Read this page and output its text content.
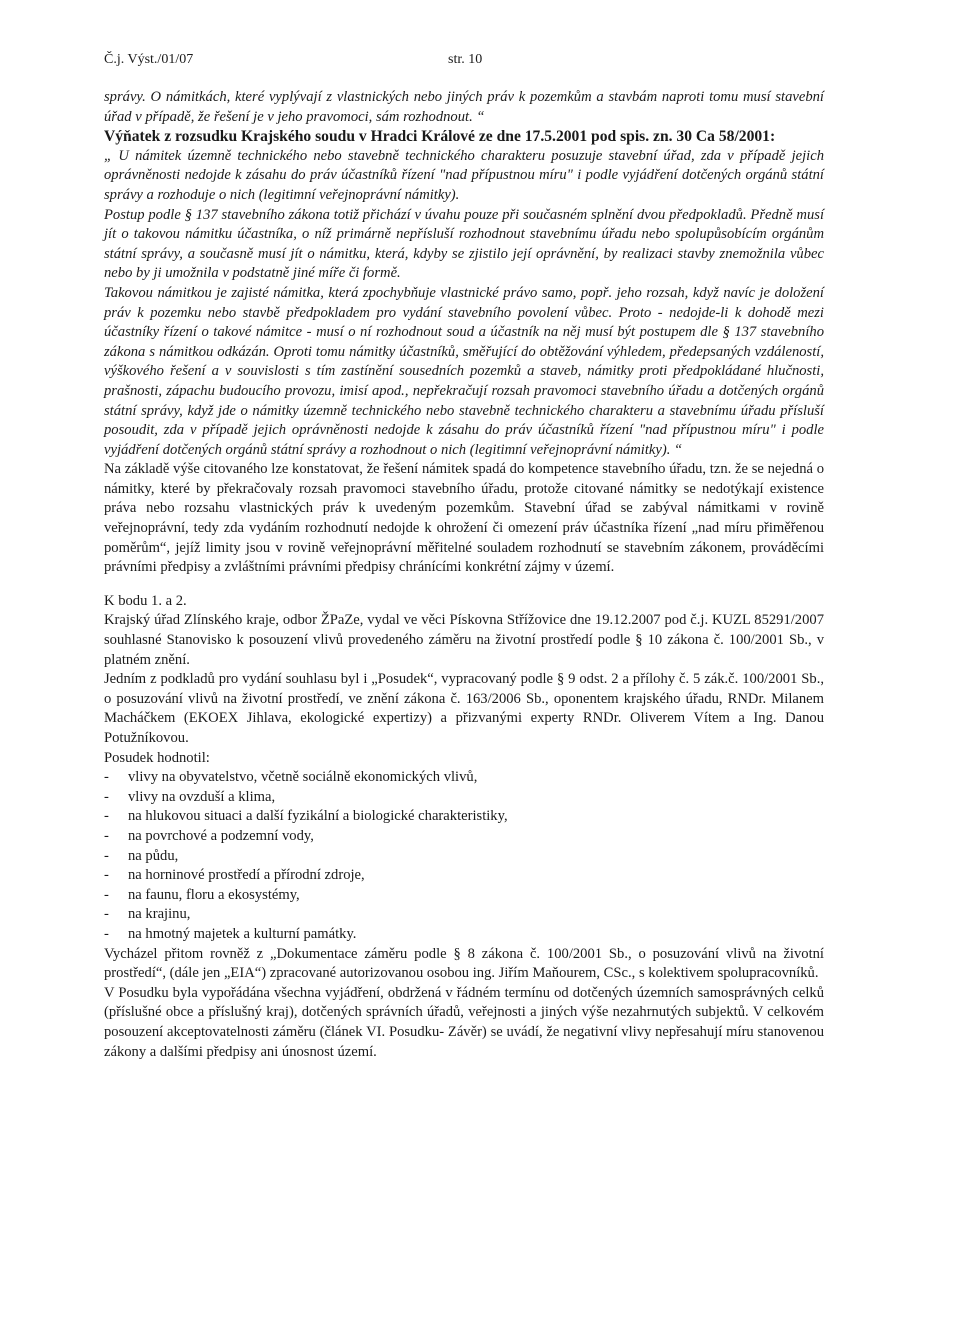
Č.j. Výst./01/07	str. 10

správy. O námitkách, které vyplývají z vlastnických nebo jiných práv k pozemkům a stavbám naproti tomu musí stavební úřad v případě, že řešení je v jeho pravomoci, sám rozhodnout. “

Výňatek z rozsudku Krajského soudu v Hradci Králové ze dne 17.5.2001 pod spis. zn. 30 Ca 58/2001:

„ U námitek územně technického nebo stavebně technického charakteru posuzuje stavební úřad, zda v případě jejich oprávněnosti nedojde k zásahu do práv účastníků řízení "nad přípustnou míru" i podle vyjádření dotčených orgánů státní správy a rozhoduje o nich (legitimní veřejnoprávní námitky).

Postup podle § 137 stavebního zákona totiž přichází v úvahu pouze při současném splnění dvou předpokladů. Předně musí jít o takovou námitku účastníka, o níž primárně nepřísluší rozhodnout stavebnímu úřadu nebo spolupůsobícím orgánům státní správy, a současně musí jít o námitku, která, kdyby se zjistilo její oprávnění, by realizaci stavby znemožnila vůbec nebo by ji umožnila v podstatně jiné míře či formě.

Takovou námitkou je zajisté námitka, která zpochybňuje vlastnické právo samo, popř. jeho rozsah, když navíc je doložení práv k pozemku nebo stavbě předpokladem pro vydání stavebního povolení vůbec. Proto - nedojde-li k dohodě mezi účastníky řízení o takové námitce - musí o ní rozhodnout soud a účastník na něj musí být postupem dle § 137 stavebního zákona s námitkou odkázán. Oproti tomu námitky účastníků, směřující do obtěžování výhledem, předepsaných vzdáleností, výškového řešení a v souvislosti s tím zastínění sousedních pozemků a staveb, námitky proti předpokládané hlučnosti, prašnosti, zápachu budoucího provozu, imisí apod., nepřekračují rozsah pravomoci stavebního úřadu a dotčených orgánů státní správy, když jde o námitky územně technického nebo stavebně technického charakteru a stavebnímu úřadu přísluší posoudit, zda v případě jejich oprávněnosti nedojde k zásahu do práv účastníků řízení "nad přípustnou míru" i podle vyjádření dotčených orgánů státní správy a rozhodnout o nich (legitimní veřejnoprávní námitky). “

Na základě výše citovaného lze konstatovat, že řešení námitek spadá do kompetence stavebního úřadu, tzn. že se nejedná o námitky, které by překračovaly rozsah pravomoci stavebního úřadu, protože citované námitky se nedotýkají existence práva nebo rozsahu vlastnických práv k uvedeným pozemkům. Stavební úřad se zabýval námitkami v rovině veřejnoprávní, tedy zda vydáním rozhodnutí nedojde k ohrožení či omezení práv účastníka řízení „nad míru přiměřenou poměrům“, jejíž limity jsou v rovině veřejnoprávní měřitelné souladem rozhodnutí se stavebním zákonem, prováděcími právními předpisy a zvláštními právními předpisy chránícími konkrétní zájmy v území.

K bodu 1. a 2.

Krajský úřad Zlínského kraje, odbor ŽPaZe, vydal ve věci Pískovna Střížovice dne 19.12.2007 pod č.j. KUZL 85291/2007 souhlasné Stanovisko k posouzení vlivů provedeného záměru na životní prostředí podle § 10 zákona č. 100/2001 Sb., v platném znění.

Jedním z podkladů pro vydání souhlasu byl i „Posudek“, vypracovaný podle § 9 odst. 2 a přílohy č. 5 zák.č. 100/2001 Sb., o posuzování vlivů na životní prostředí, ve znění zákona č. 163/2006 Sb., oponentem krajského úřadu, RNDr. Milanem Macháčkem (EKOEX Jihlava, ekologické expertizy) a přizvanými experty RNDr. Oliverem Vítem a Ing. Danou Potužníkovou.

Posudek hodnotil:

- vlivy na obyvatelstvo, včetně sociálně ekonomických vlivů,
- vlivy na ovzduší a klima,
- na hlukovou situaci a další fyzikální a biologické charakteristiky,
- na povrchové a podzemní vody,
- na půdu,
- na horninové prostředí a přírodní zdroje,
- na faunu, floru a ekosystémy,
- na krajinu,
- na hmotný majetek a kulturní památky.

Vycházel přitom rovněž z „Dokumentace záměru podle § 8 zákona č. 100/2001 Sb., o posuzování vlivů na životní prostředí“, (dále jen „EIA“) zpracované autorizovanou osobou ing. Jiřím Maňourem, CSc., s kolektivem spolupracovníků.

V Posudku byla vypořádána všechna vyjádření, obdržená v řádném termínu od dotčených územních samosprávných celků (příslušné obce a příslušný kraj), dotčených správních úřadů, veřejnosti a jiných výše nezahrnutých subjektů. V celkovém posouzení akceptovatelnosti záměru (článek VI. Posudku- Závěr) se uvádí, že negativní vlivy nepřesahují míru stanovenou zákony a dalšími předpisy ani únosnost území.
